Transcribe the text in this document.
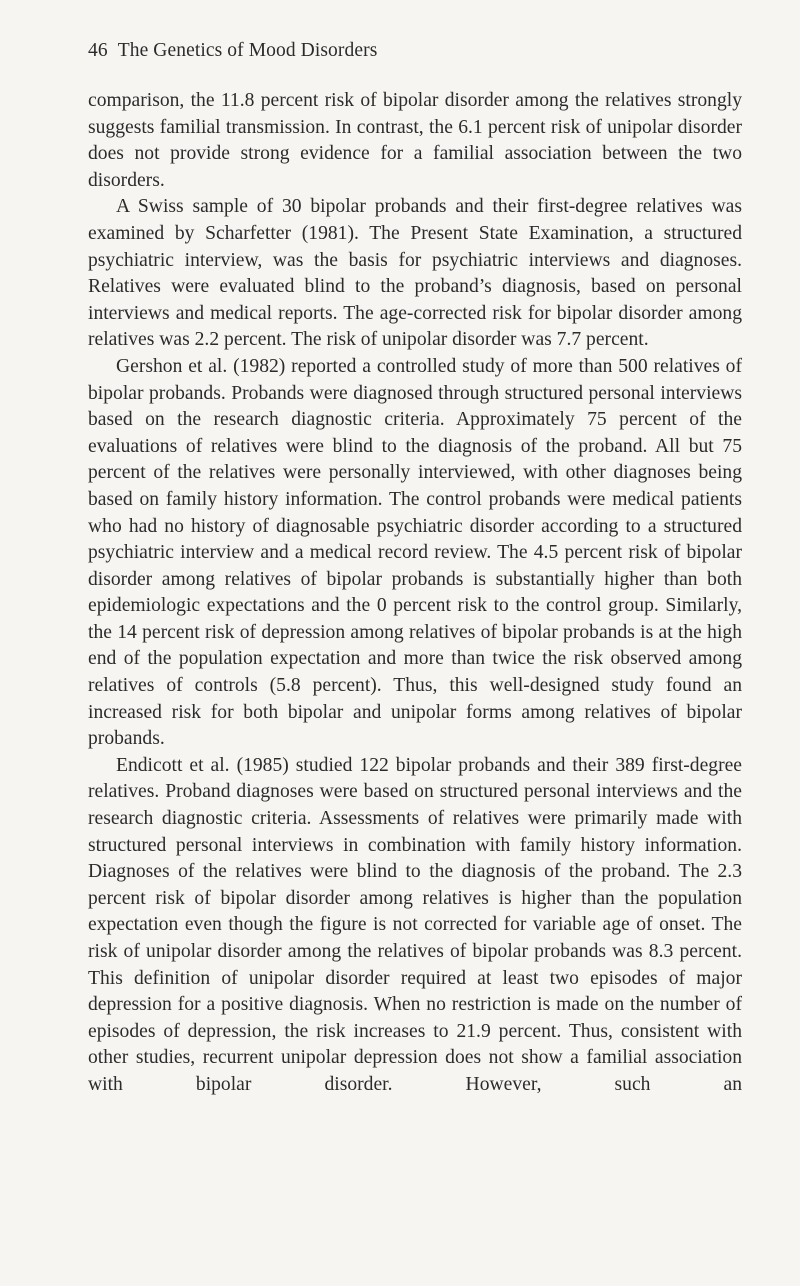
46 The Genetics of Mood Disorders

comparison, the 11.8 percent risk of bipolar disorder among the relatives strongly suggests familial transmission. In contrast, the 6.1 percent risk of unipolar disorder does not provide strong evidence for a familial association between the two disorders.

A Swiss sample of 30 bipolar probands and their first-degree relatives was examined by Scharfetter (1981). The Present State Examination, a structured psychiatric interview, was the basis for psychiatric interviews and diagnoses. Relatives were evaluated blind to the proband’s diagnosis, based on personal interviews and medical reports. The age-corrected risk for bipolar disorder among relatives was 2.2 percent. The risk of unipolar disorder was 7.7 percent.

Gershon et al. (1982) reported a controlled study of more than 500 relatives of bipolar probands. Probands were diagnosed through structured personal interviews based on the research diagnostic criteria. Approximately 75 percent of the evaluations of relatives were blind to the diagnosis of the proband. All but 75 percent of the relatives were personally interviewed, with other diagnoses being based on family history information. The control probands were medical patients who had no history of diagnosable psychiatric disorder according to a structured psychiatric interview and a medical record review. The 4.5 percent risk of bipolar disorder among relatives of bipolar probands is substantially higher than both epidemiologic expectations and the 0 percent risk to the control group. Similarly, the 14 percent risk of depression among relatives of bipolar probands is at the high end of the population expectation and more than twice the risk observed among relatives of controls (5.8 percent). Thus, this well-designed study found an increased risk for both bipolar and unipolar forms among relatives of bipolar probands.

Endicott et al. (1985) studied 122 bipolar probands and their 389 first-degree relatives. Proband diagnoses were based on structured personal interviews and the research diagnostic criteria. Assessments of relatives were primarily made with structured personal interviews in combination with family history information. Diagnoses of the relatives were blind to the diagnosis of the proband. The 2.3 percent risk of bipolar disorder among relatives is higher than the population expectation even though the figure is not corrected for variable age of onset. The risk of unipolar disorder among the relatives of bipolar probands was 8.3 percent. This definition of unipolar disorder required at least two episodes of major depression for a positive diagnosis. When no restriction is made on the number of episodes of depression, the risk increases to 21.9 percent. Thus, consistent with other studies, recurrent unipolar depression does not show a familial association with bipolar disorder. However, such an
